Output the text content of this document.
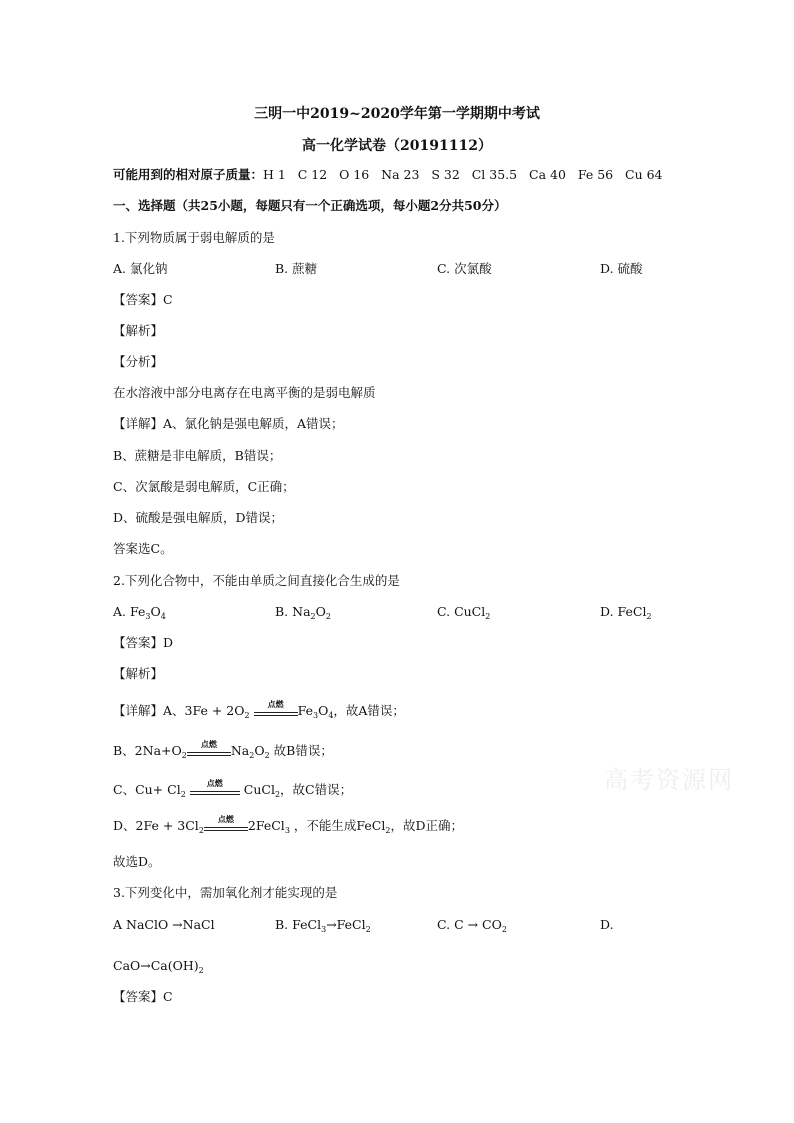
三明一中2019~2020学年第一学期期中考试
高一化学试卷（20191112）
可能用到的相对原子质量：H 1   C 12   O 16   Na 23   S 32   Cl 35.5   Ca 40   Fe 56   Cu 64
一、选择题（共25小题，每题只有一个正确选项，每小题2分共50分）
1.下列物质属于弱电解质的是
A. 氯化钠	B. 蔗糖	C. 次氯酸	D. 硫酸
【答案】C
【解析】
【分析】
在水溶液中部分电离存在电离平衡的是弱电解质
【详解】A、氯化钠是强电解质，A错误；
B、蔗糖是非电解质，B错误；
C、次氯酸是弱电解质，C正确；
D、硫酸是强电解质，D错误；
答案选C。
2.下列化合物中，不能由单质之间直接化合生成的是
A. $Fe_3O_4$	B. $Na_2O_2$	C. CuCl$_2$	D. FeCl$_2$
【答案】D
【解析】
【详解】A、$3Fe + 2O_2$
点燃	$Fe_3O_4$，故A错误；
B、$2Na+O_2$
点燃	$Na_2O_2$ 故B错误；
C、$Cu+ Cl_2$
点燃	CuCl$_2$，故C错误；
D、$2Fe + 3Cl_2$
点燃	2FeCl$_3$ ，不能生成FeCl$_2$，故D正确；
故选D。
3.下列变化中，需加氧化剂才能实现的是
A NaClO →NaCl	B. FeCl$_3$→FeCl$_2$	C. $C \to CO_2$	D.
$CaO\to Ca(OH)_2$
【答案】C
高考资源网
